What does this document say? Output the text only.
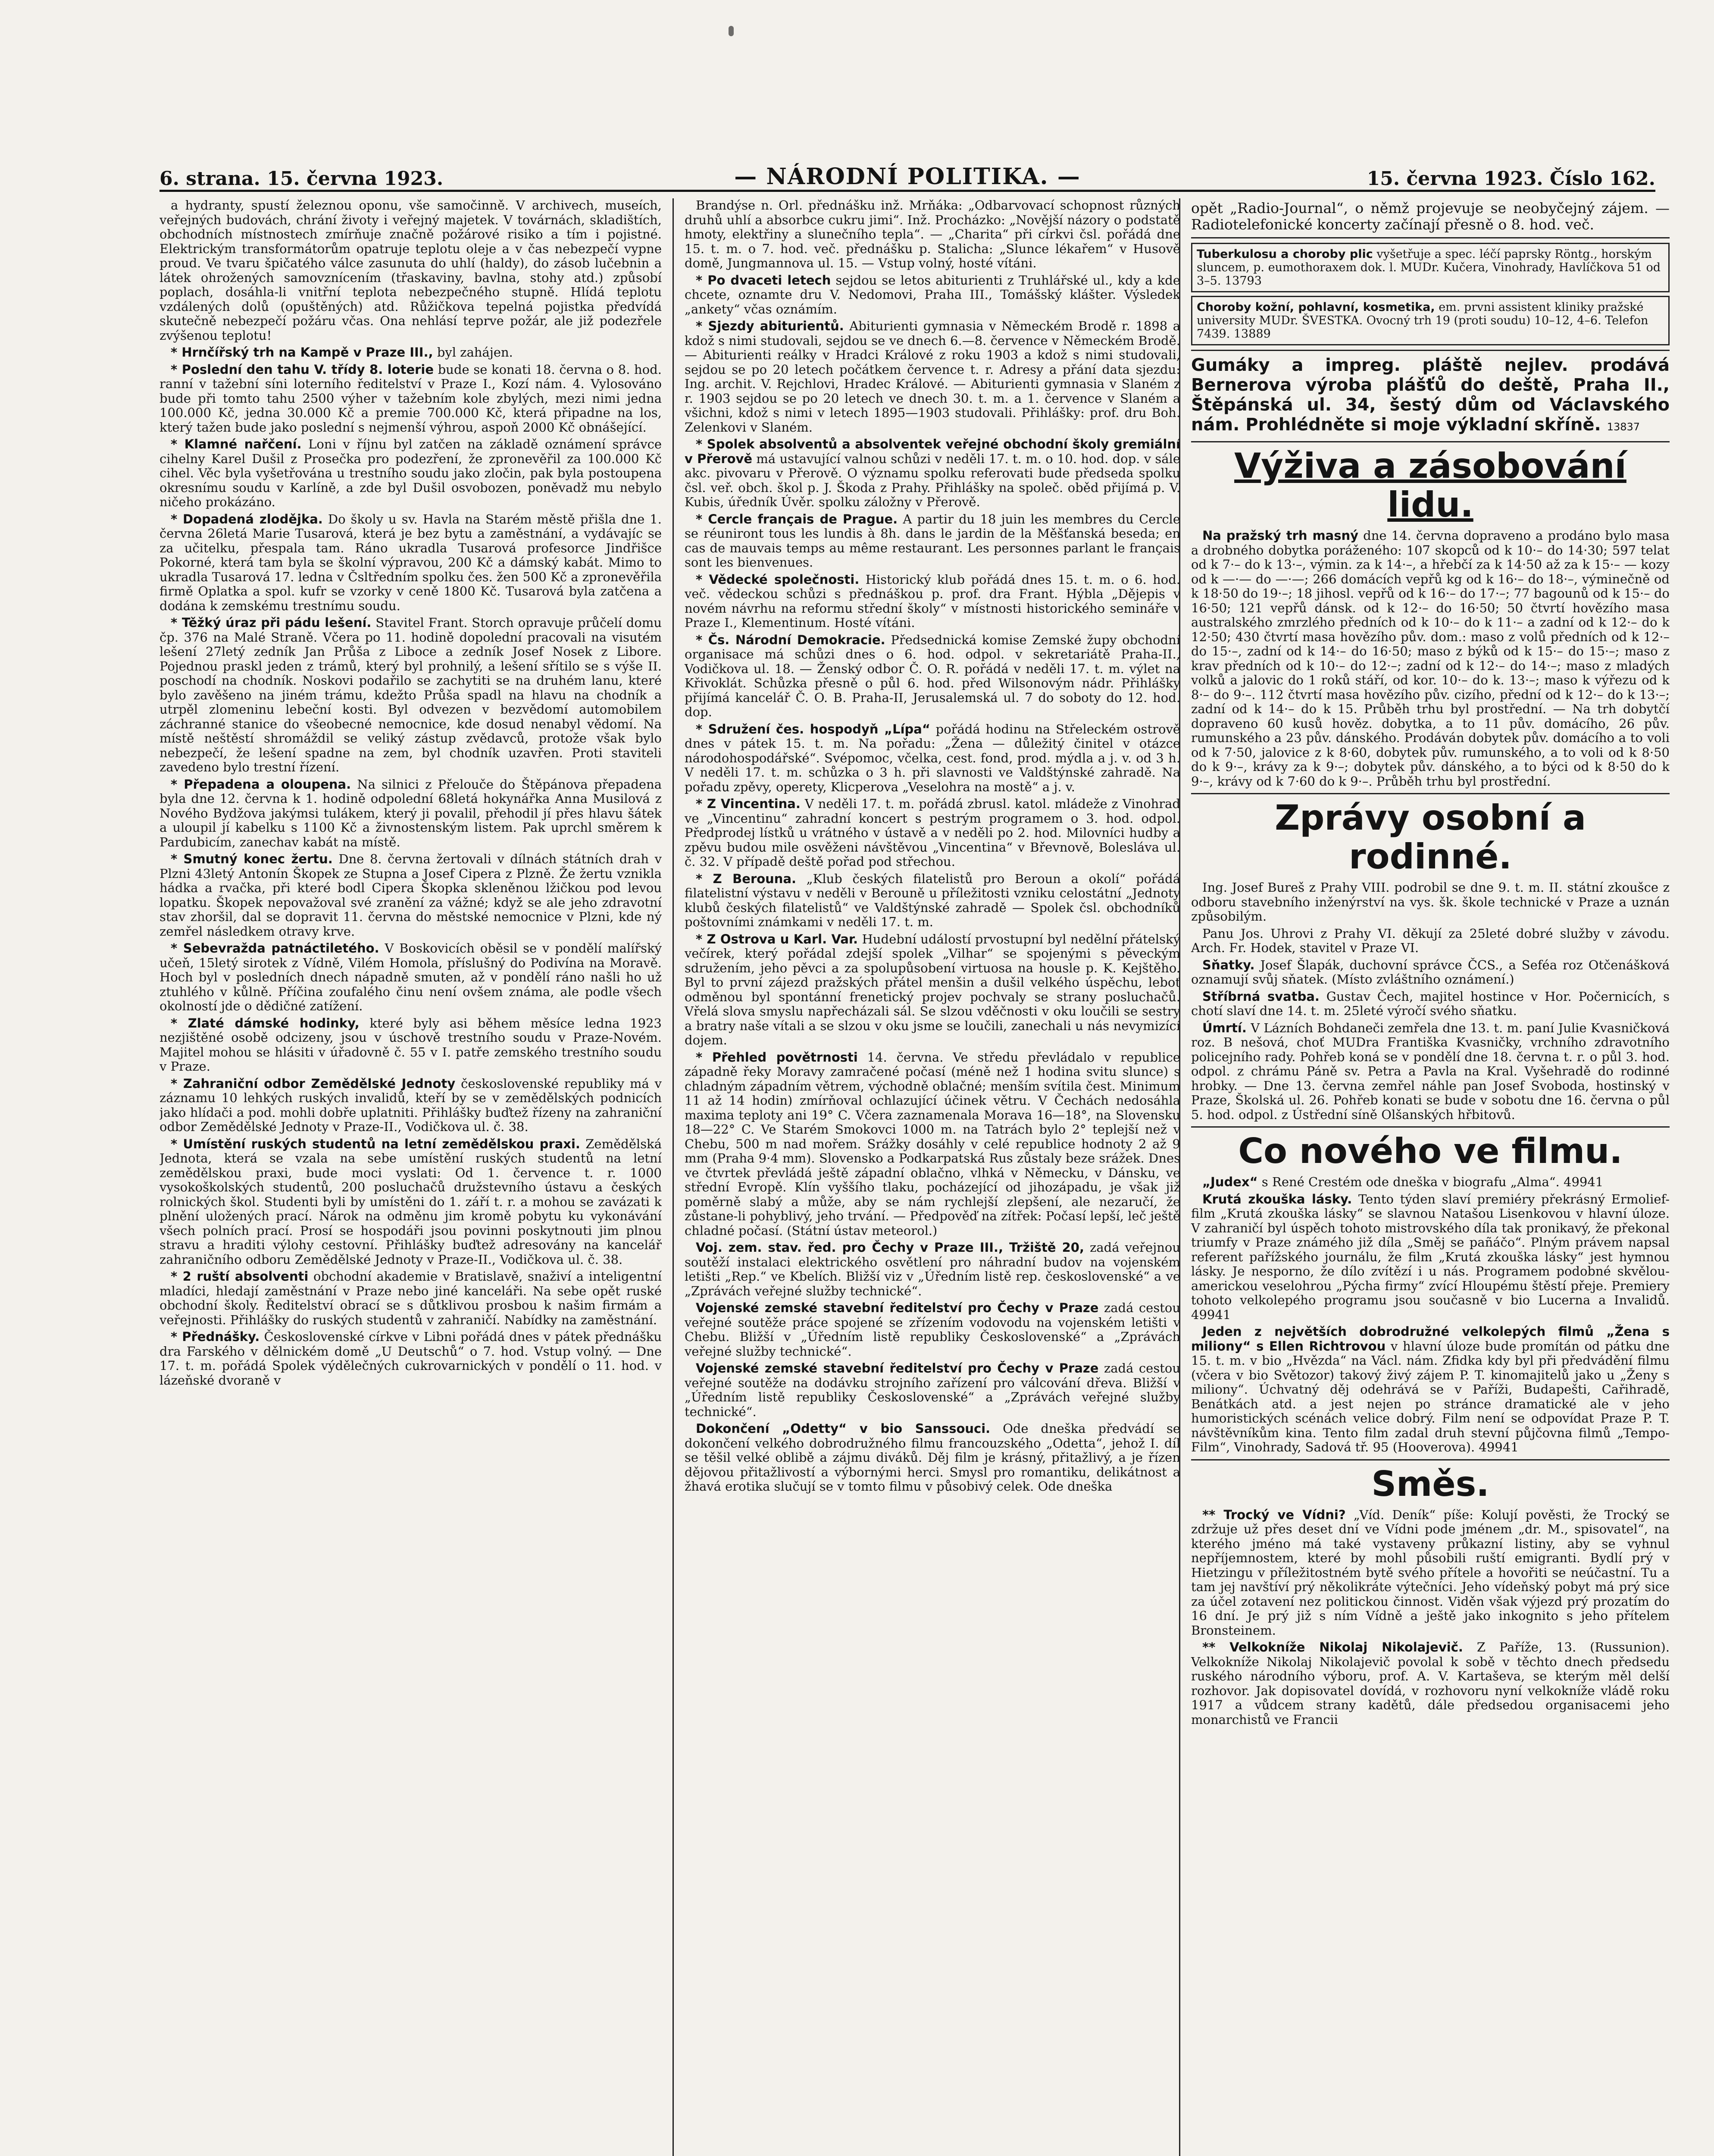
6. strana. 15. června 1923.	— NÁRODNÍ POLITIKA. —	15. června 1923. Číslo 162.

a hydranty, spustí železnou oponu, vše samočinně. V archivech, museích, veřejných budovách, chrání životy i veřejný majetek. V továrnách, skladištích, obchodních místnostech zmírňuje značně požárové risiko a tím i pojistné. Elektrickým transformátorům opatruje teplotu oleje a v čas nebezpečí vypne proud. Ve tvaru špičatého válce zasunuta do uhlí (haldy), do zásob lučebnin a látek ohrožených samovznícením (třaskaviny, bavlna, stohy atd.) způsobí poplach, dosáhla-li vnitřní teplota nebezpečného stupně. Hlídá teplotu vzdálených dolů (opuštěných) atd. Růžičkova tepelná pojistka předvídá skutečně nebezpečí požáru včas. Ona nehlásí teprve požár, ale již podezřele zvýšenou teplotu!

* Hrnčířský trh na Kampě v Praze III., byl zahájen.

* Poslední den tahu V. třídy 8. loterie bude se konati 18. června o 8. hod. ranní v tažební síni loterního ředitelství v Praze I., Kozí nám. 4. Vylosováno bude při tomto tahu 2500 výher v tažebním kole zbylých, mezi nimi jedna 100.000 Kč, jedna 30.000 Kč a premie 700.000 Kč, která připadne na los, který tažen bude jako poslední s nejmenší výhrou, aspoň 2000 Kč obnášející.

* Klamné nařčení. Loni v říjnu byl zatčen na základě oznámení správce cihelny Karel Dušil z Prosečka pro podezření, že zpronevěřil za 100.000 Kč cihel. Věc byla vyšetřována u trestního soudu jako zločin, pak byla postoupena okresnímu soudu v Karlíně, a zde byl Dušil osvobozen, poněvadž mu nebylo ničeho prokázáno.

* Dopadená zlodějka. Do školy u sv. Havla na Starém městě přišla dne 1. června 26letá Marie Tusarová, která je bez bytu a zaměstnání, a vydávajíc se za učitelku, přespala tam. Ráno ukradla Tusarová profesorce Jindřišce Pokorné, která tam byla se školní výpravou, 200 Kč a dámský kabát. Mimo to ukradla Tusarová 17. ledna v Čsltředním spolku čes. žen 500 Kč a zpronevěřila firmě Oplatka a spol. kufr se vzorky v ceně 1800 Kč. Tusarová byla zatčena a dodána k zemskému trestnímu soudu.

* Těžký úraz při pádu lešení. Stavitel Frant. Storch opravuje průčelí domu čp. 376 na Malé Straně. Včera po 11. hodině dopolední pracovali na visutém lešení 27letý zedník Jan Průša z Libocе a zedník Josef Nosek z Libore. Pojednou praskl jeden z trámů, který byl prohnilý, a lešení sřítilo se s výše II. poschodí na chodník. Noskovi podařilo se zachytiti se na druhém lanu, které bylo zavěšeno na jiném trámu, kdežto Průša spadl na hlavu na chodník a utrpěl zlomeninu lebeční kosti. Byl odvezen v bezvědomí automobilem záchranné stanice do všeobecné nemocnice, kde dosud nenabyl vědomí. Na místě neštěstí shromáždil se veliký zástup zvědavců, protože však bylo nebezpečí, že lešení spadne na zem, byl chodník uzavřen. Proti staviteli zavedeno bylo trestní řízení.

* Přepadena a oloupena. Na silnici z Přelouče do Štěpánova přepadena byla dne 12. června k 1. hodině odpolední 68letá hokynářka Anna Musilová z Nového Bydžova jakýmsi tulákem, který ji povalil, přehodil jí přes hlavu šátek a uloupil jí kabelku s 1100 Kč a živnostenským listem. Pak uprchl směrem k Pardubicím, zanechav kabát na místě.

* Smutný konec žertu. Dne 8. června žertovali v dílnách státních drah v Plzni 43letý Antonín Škopek ze Stupna a Josef Cipera z Plzně. Že žertu vznikla hádka a rvačka, při které bodl Cipera Škopka skleněnou lžičkou pod levou lopatku. Škopek nepovažoval své zranění za vážné; když se ale jeho zdravotní stav zhoršil, dal se dopravit 11. června do městské nemocnice v Plzni, kde ný zemřel následkem otravy krve.

* Sebevražda patnáctiletého. V Boskovicích oběsil se v pondělí malířský učeň, 15letý sirotek z Vídně, Vilém Homola, příslušný do Podivína na Moravě. Hoch byl v posledních dnech nápadně smuten, až v pondělí ráno našli ho už ztuhlého v kůlně. Příčina zoufalého činu není ovšem známa, ale podle všech okolností jde o dědičné zatížení.

* Zlaté dámské hodinky, které byly asi během měsíce ledna 1923 nezjištěné osobě odcizeny, jsou v úschově trestního soudu v Praze-Novém. Majitel mohou se hlásiti v úřadovně č. 55 v I. patře zemského trestního soudu v Praze.

* Zahraniční odbor Zemědělské Jednoty československé republiky má v záznamu 10 lehkých ruských invalidů, kteří by se v zemědělských podnicích jako hlídači a pod. mohli dobře uplatniti. Přihlášky buďtež řízeny na zahraniční odbor Zemědělské Jednoty v Praze-II., Vodičkova ul. č. 38.

* Umístění ruských studentů na letní zemědělskou praxi. Zemědělská Jednota, která se vzala na sebe umístění ruských studentů na letní zemědělskou praxi, bude moci vyslati: Od 1. července t. r. 1000 vysokoškolských studentů, 200 posluchačů družstevního ústavu a českých rolnických škol. Studenti byli by umístěni do 1. září t. r. a mohou se zavázati k plnění uložených prací. Nárok na odměnu jim kromě pobytu ku vykonávání všech polních prací. Prosí se hospodáři jsou povinni poskytnouti jim plnou stravu a hraditi výlohy cestovní. Přihlášky buďtež adresovány na kancelář zahraničního odboru Zemědělské Jednoty v Praze-II., Vodičkova ul. č. 38.

* 2 ruští absolventi obchodní akademie v Bratislavě, snaživí a inteligentní mladíci, hledají zaměstnání v Praze nebo jiné kanceláři. Na sebe opět ruské obchodní školy. Ředitelství obrací se s důtklivou prosbou k našim firmám a veřejnosti. Přihlášky do ruských studentů v zahraničí. Nabídky na zaměstnání.

* Přednášky. Československé církve v Libni pořádá dnes v pátek přednášku dra Farského v dělnickém domě „U Deutschů“ o 7. hod. Vstup volný. — Dne 17. t. m. pořádá Spolek výdělečných cukrovarnických v pondělí o 11. hod. v lázeňské dvoraně v

Brandýse n. Orl. přednášku inž. Mrňáka: „Odbarvovací schopnost různých druhů uhlí a absorbce cukru jimi“. Inž. Procházko: „Novější názory o podstatě hmoty, elektřiny a slunečního tepla“. — „Charita“ při církvi čsl. pořádá dne 15. t. m. o 7. hod. več. přednášku p. Stalicha: „Slunce lékařem“ v Husově domě, Jungmannova ul. 15. — Vstup volný, hosté vítáni.

* Po dvaceti letech sejdou se letos abiturienti z Truhlářské ul., kdy a kde chcete, oznamte dru V. Nedomovi, Praha III., Tomášský klášter. Výsledek „ankety“ včas oznámím.

* Sjezdy abiturientů. Abiturienti gymnasia v Německém Brodě r. 1898 a kdož s nimi studovali, sejdou se ve dnech 6.—8. července v Německém Brodě. — Abiturienti reálky v Hradci Králové z roku 1903 a kdož s nimi studovali, sejdou se po 20 letech počátkem července t. r. Adresy a přání data sjezdu: Ing. archit. V. Rejchlovi, Hradec Králové. — Abiturienti gymnasia v Slaném z r. 1903 sejdou se po 20 letech ve dnech 30. t. m. a 1. července v Slaném a všichni, kdož s nimi v letech 1895—1903 studovali. Přihlášky: prof. dru Boh. Zelenkovi v Slaném.

* Spolek absolventů a absolventek veřejné obchodní školy gremiální v Přerově má ustavující valnou schůzi v neděli 17. t. m. o 10. hod. dop. v sále akc. pivovaru v Přerově. O významu spolku referovati bude předseda spolku čsl. veř. obch. škol p. J. Škoda z Prahy. Přihlášky na společ. oběd přijímá p. V. Kubis, úředník Úvěr. spolku záložny v Přerově.

* Cercle français de Prague. A partir du 18 juin les membres du Cercle se réuniront tous les lundis à 8h. dans le jardin de la Měšťanská beseda; en cas de mauvais temps au même restaurant. Les personnes parlant le français sont les bienvenues.

* Vědecké společnosti. Historický klub pořádá dnes 15. t. m. o 6. hod. več. vědeckou schůzi s přednáškou p. prof. dra Frant. Hýbla „Dějepis v novém návrhu na reformu střední školy“ v místnosti historického semináře v Praze I., Klementinum. Hosté vítáni.

* Čs. Národní Demokracie. Předsednická komise Zemské župy obchodní organisace má schůzi dnes o 6. hod. odpol. v sekretariátě Praha-II., Vodičkova ul. 18. — Ženský odbor Č. O. R. pořádá v neděli 17. t. m. výlet na Křivoklát. Schůzka přesně o půl 6. hod. před Wilsonovým nádr. Přihlášky přijímá kancelář Č. O. B. Praha-II, Jerusalemská ul. 7 do soboty do 12. hod. dop.

* Sdružení čes. hospodyň „Lípa“ pořádá hodinu na Střeleckém ostrově dnes v pátek 15. t. m. Na pořadu: „Žena — důležitý činitel v otázce národohospodářské“. Svépomoc, včelka, cest. fond, prod. mýdla a j. v. od 3 h. V neděli 17. t. m. schůzka o 3 h. při slavnosti ve Valdštýnské zahradě. Na pořadu zpěvy, operety, Klicperova „Veselohra na mostě“ a j. v.

* Z Vincentina. V neděli 17. t. m. pořádá zbrusl. katol. mládeže z Vinohrad ve „Vincentinu“ zahradní koncert s pestrým programem o 3. hod. odpol. Předprodej lístků u vrátného v ústavě a v neděli po 2. hod. Milovníci hudby a zpěvu budou mile osvěženi návštěvou „Vincentina“ v Břevnově, Bolesláva ul. č. 32. V případě deště pořad pod střechou.

* Z Berouna. „Klub českých filatelistů pro Beroun a okolí“ pořádá filatelistní výstavu v neděli v Berouně u příležitosti vzniku celostátní „Jednoty klubů českých filatelistů“ ve Valdštýnské zahradě — Spolek čsl. obchodníků poštovními známkami v neděli 17. t. m.

* Z Ostrova u Karl. Var. Hudební událostí prvostupní byl nedělní přátelský večírek, který pořádal zdejší spolek „Vilhar“ se spojenými s pěveckým sdružením, jeho pěvci a za spolupůsobení virtuosa na housle p. K. Kejštěho. Byl to první zájezd pražských přátel menšin a dušil velkého úspěchu, leboť odměnou byl spontánní frenetický projev pochvaly se strany posluchačů. Vřelá slova smyslu napřecházali sál. Se slzou vděčnosti v oku loučili se sestry a bratry naše vítali a se slzou v oku jsme se loučili, zanechali u nás nevymizící dojem.

* Přehled povětrnosti 14. června. Ve středu převládalo v republice západně řeky Moravy zamračené počasí (méně než 1 hodina svitu slunce) s chladným západním větrem, východně oblačné; menším svítila čest. Minimum 11 až 14 hodin) zmírňoval ochlazující účinek větru. V Čechách nedosáhla maxima teploty ani 19° C. Včera zaznamenala Morava 16—18°, na Slovensku 18—22° C. Ve Starém Smokovci 1000 m. na Tatrách bylo 2° teplejší než v Chebu, 500 m nad mořem. Srážky dosáhly v celé republice hodnoty 2 až 9 mm (Praha 9·4 mm). Slovensko a Podkarpatská Rus zůstaly beze srážek. Dnes ve čtvrtek převládá ještě západní oblačno, vlhká v Německu, v Dánsku, ve střední Evropě. Klín vyššího tlaku, pocházející od jihozápadu, je však již poměrně slabý a může, aby se nám rychlejší zlepšení, ale nezaručí, že zůstane-li pohyblivý, jeho trvání. — Předpověď na zítřek: Počasí lepší, leč ještě chladné počasí. (Státní ústav meteorol.)

Voj. zem. stav. řed. pro Čechy v Praze III., Tržiště 20, zadá veřejnou soutěží instalaci elektrického osvětlení pro náhradní budov na vojenském letišti „Rep.“ ve Kbelích. Bližší viz v „Úředním listě rep. československé“ a ve „Zprávách veřejné služby technické“.

Vojenské zemské stavební ředitelství pro Čechy v Praze zadá cestou veřejné soutěže práce spojené se zřízením vodovodu na vojenském letišti v Chebu. Bližší v „Úředním listě republiky Československé“ a „Zprávách veřejné služby technické“.

Vojenské zemské stavební ředitelství pro Čechy v Praze zadá cestou veřejné soutěže na dodávku strojního zařízení pro válcování dřeva. Bližší v „Úředním listě republiky Československé“ a „Zprávách veřejné služby technické“.

Dokončení „Odetty“ v bio Sanssouci. Ode dneška předvádí se dokončení velkého dobrodružného filmu francouzského „Odetta“, jehož I. díl se těšil velké oblibě a zájmu diváků. Děj film je krásný, přitažlivý, a je řízen dějovou přitažlivostí a výbornými herci. Smysl pro romantiku, delikátnost a žhavá erotika slučují se v tomto filmu v působivý celek. Ode dneška

opět „Radio-Journal“, o němž projevuje se neobyčejný zájem. — Radiotelefonické koncerty začínají přesně o 8. hod. več.

Tuberkulosu a choroby plic vyšetřuje a spec. léčí paprsky Röntg., horským sluncem, p. eumothoraxem dok. l. MUDr. Kučera, Vinohrady, Havlíčkova 51 od 3–5. 13793

Choroby kožní, pohlavní, kosmetika, em. prvni assistent kliniky pražské university MUDr. ŠVESTKA. Ovocný trh 19 (proti soudu) 10–12, 4–6. Telefon 7439. 13889

Gumáky a impreg. pláště nejlev. prodává Bernerova výroba plášťů do deště, Praha II., Štěpánská ul. 34, šestý dům od Václavského nám. Prohlédněte si moje výkladní skříně. 13837
Výživa a zásobování lidu.

Na pražský trh masný dne 14. června dopraveno a prodáno bylo masa a drobného dobytka poráženého: 107 skopců od k 10·– do 14·30; 597 telat od k 7·– do k 13·–, výmin. za k 14·–, a hřebčí za k 14·50 až za k 15·– — kozy od k —·— do —·—; 266 domácích vepřů kg od k 16·– do 18·–, výminečně od k 18·50 do 19·–; 18 jihosl. vepřů od k 16·– do 17·–; 77 bagounů od k 15·– do 16·50; 121 vepřů dánsk. od k 12·– do 16·50; 50 čtvrtí hovězího masa australského zmrzlého předních od k 10·– do k 11·– a zadní od k 12·– do k 12·50; 430 čtvrtí masa hovězího pův. dom.: maso z volů předních od k 12·– do 15·–, zadní od k 14·– do 16·50; maso z býků od k 15·– do 15·–; maso z krav předních od k 10·– do 12·–; zadní od k 12·– do 14·–; maso z mladých volků a jalovic do 1 roků stáří, od kor. 10·– do k. 13·–; maso k výřezu od k 8·– do 9·–. 112 čtvrtí masa hovězího pův. cizího, přední od k 12·– do k 13·–; zadní od k 14·– do k 15. Průběh trhu byl prostřední. — Na trh dobytčí dopraveno 60 kusů hověz. dobytka, a to 11 pův. domácího, 26 pův. rumunského a 23 pův. dánského. Prodáván dobytek pův. domácího a to voli od k 7·50, jalovice z k 8·60, dobytek pův. rumunského, a to voli od k 8·50 do k 9·–, krávy za k 9·–; dobytek pův. dánského, a to býci od k 8·50 do k 9·–, krávy od k 7·60 do k 9·–. Průběh trhu byl prostřední.

Zprávy osobní a rodinné.

Ing. Josef Bureš z Prahy VIII. podrobil se dne 9. t. m. II. státní zkoušce z odboru stavebního inženýrství na vys. šk. škole technické v Praze a uznán způsobilým.

Panu Jos. Uhrovi z Prahy VI. děkují za 25leté dobré služby v závodu. Arch. Fr. Hodek, stavitel v Praze VI.

Sňatky. Josef Šlapák, duchovní správce ČCS., a Seféa roz Otčenášková oznamují svůj sňatek. (Místo zvláštního oznámení.)

Stříbrná svatba. Gustav Čech, majitel hostince v Hor. Počernicích, s chotí slaví dne 14. t. m. 25leté výročí svého sňatku.

Úmrtí. V Lázních Bohdaneči zemřela dne 13. t. m. paní Julie Kvasničková roz. B nešová, choť MUDra Františka Kvasničky, vrchního zdravotního policejního rady. Pohřeb koná se v pondělí dne 18. června t. r. o půl 3. hod. odpol. z chrámu Páně sv. Petra a Pavla na Kral. Vyšehradě do rodinné hrobky. — Dne 13. června zemřel náhle pan Josef Svoboda, hostinský v Praze, Školská ul. 26. Pohřeb konati se bude v sobotu dne 16. června o půl 5. hod. odpol. z Ústřední síně Olšanských hřbitovů.

Co nového ve filmu.

„Judex“ s René Crestém ode dneška v biografu „Alma“. 49941

Krutá zkouška lásky. Tento týden slaví premiéry překrásný Ermolief-film „Krutá zkouška lásky“ se slavnou Natašou Lisenkovou v hlavní úloze. V zahraničí byl úspěch tohoto mistrovského díla tak pronikavý, že překonal triumfy v Praze známého již díla „Směj se pañáčo“. Plným právem napsal referent pařížského journálu, že film „Krutá zkouška lásky“ jest hymnou lásky. Je nesporno, že dílo zvítězí i u nás. Programem podobné skvělou-americkou veselohrou „Pýcha firmy“ zvící Hloupému štěstí přeje. Premiery tohoto velkolepého programu jsou současně v bio Lucerna a Invalidů. 49941

Jeden z největších dobrodružné velkolepých filmů „Žena s miliony“ s Ellen Richtrovou v hlavní úloze bude promítán od pátku dne 15. t. m. v bio „Hvězda“ na Václ. nám. Zfidka kdy byl při předvádění filmu (včera v bio Světozor) takový živý zájem P. T. kinomajitelů jako u „Ženy s miliony“. Úchvatný děj odehrává se v Paříži, Budapešti, Cařihradě, Benátkách atd. a jest nejen po stránce dramatické ale v jeho humoristických scénách velice dobrý. Film není se odpovídat Praze P. T. návštěvníkům kina. Tento film zadal druh stevní půjčovna filmů „Tempo-Film“, Vinohrady, Sadová tř. 95 (Hooverova). 49941

Směs.

** Trocký ve Vídni? „Víd. Deník“ píše: Kolují pověsti, že Trocký se zdržuje už přes deset dní ve Vídni pode jménem „dr. M., spisovatel“, na kterého jméno má také vystaveny průkazní listiny, aby se vyhnul nepříjemnostem, které by mohl působili ruští emigranti. Bydlí prý v Hietzingu v příležitostném bytě svého přítele a hovořiti se neúčastní. Tu a tam jej navštíví prý několikráte výtečníci. Jeho vídeňský pobyt má prý sice za účel zotavení nez politickou činnost. Viděn však výjezd prý prozatím do 16 dní. Je prý již s ním Vídně a ještě jako inkognito s jeho přítelem Bronsteinem.

** Velkokníže Nikolaj Nikolajevič. Z Paříže, 13. (Russunion). Velkokníže Nikolaj Nikolajevič povolal k sobě v těchto dnech předsedu ruského národního výboru, prof. A. V. Kartaševa, se kterým měl delší rozhovor. Jak dopisovatel dovídá, v rozhovoru nyní velkokníže vládě roku 1917 a vůdcem strany kadětů, dále předsedou organisacemi jeho monarchistů ve Francii
